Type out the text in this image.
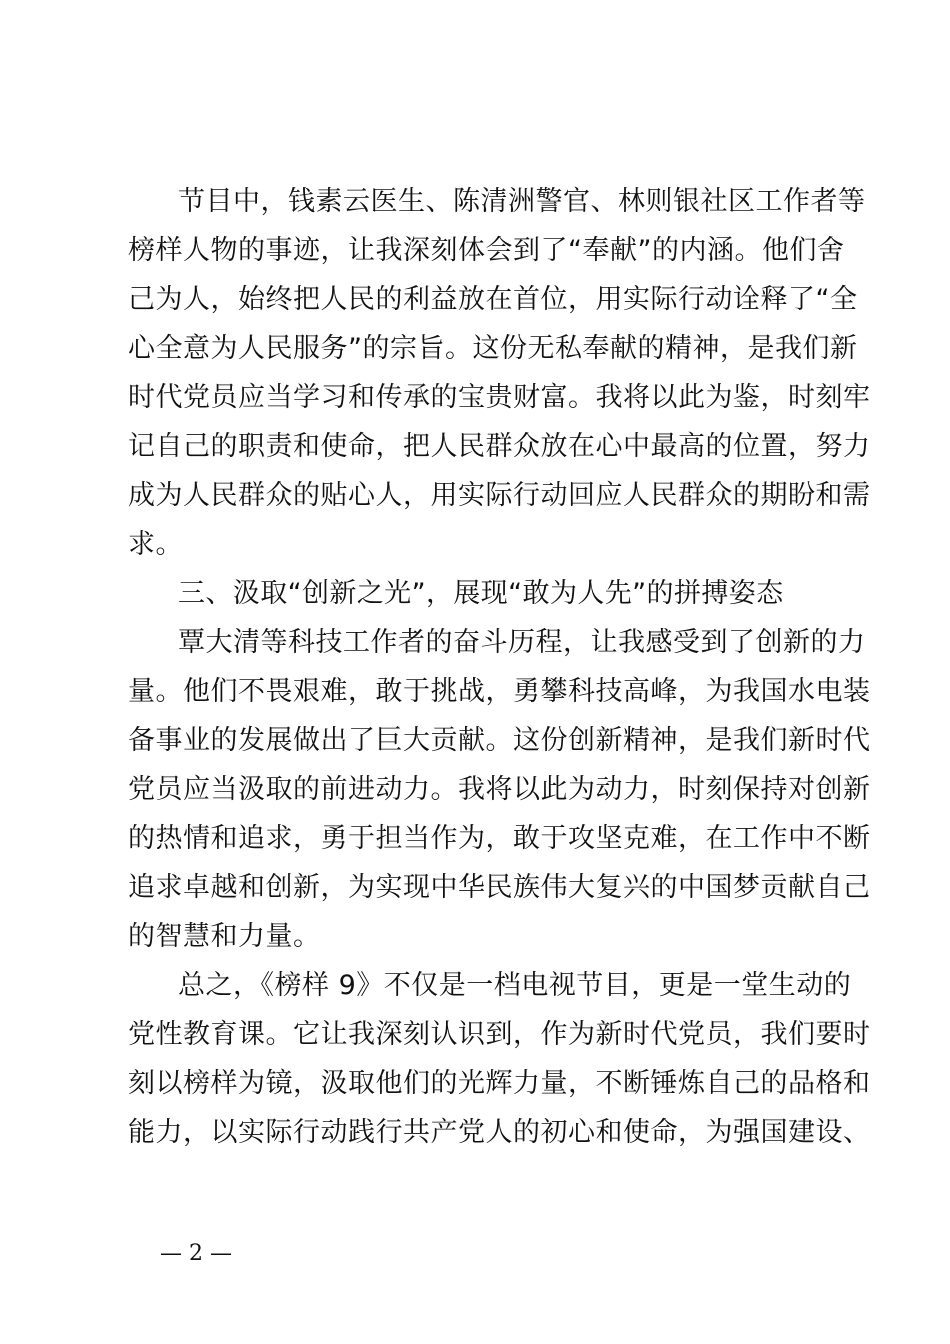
节目中，钱素云医生、陈清洲警官、林则银社区工作者等
榜样人物的事迹，让我深刻体会到了“奉献”的内涵。他们舍
己为人，始终把人民的利益放在首位，用实际行动诠释了“全
心全意为人民服务”的宗旨。这份无私奉献的精神，是我们新
时代党员应当学习和传承的宝贵财富。我将以此为鉴，时刻牢
记自己的职责和使命，把人民群众放在心中最高的位置，努力
成为人民群众的贴心人，用实际行动回应人民群众的期盼和需
求。
三、汲取“创新之光”，展现“敢为人先”的拼搏姿态
覃大清等科技工作者的奋斗历程，让我感受到了创新的力
量。他们不畏艰难，敢于挑战，勇攀科技高峰，为我国水电装
备事业的发展做出了巨大贡献。这份创新精神，是我们新时代
党员应当汲取的前进动力。我将以此为动力，时刻保持对创新
的热情和追求，勇于担当作为，敢于攻坚克难，在工作中不断
追求卓越和创新，为实现中华民族伟大复兴的中国梦贡献自己
的智慧和力量。
总之，《榜样 9》不仅是一档电视节目，更是一堂生动的
党性教育课。它让我深刻认识到，作为新时代党员，我们要时
刻以榜样为镜，汲取他们的光辉力量，不断锤炼自己的品格和
能力，以实际行动践行共产党人的初心和使命，为强国建设、
— 2 —
